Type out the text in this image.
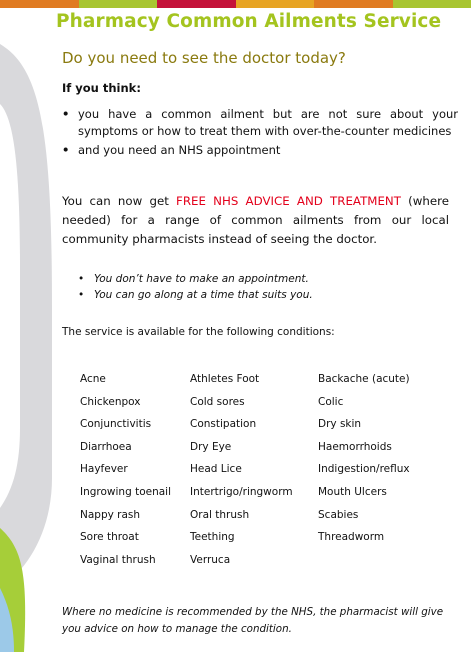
Pharmacy Common Ailments Service
Do you need to see the doctor today?
If you think:
• you have a common ailment but are not sure about your symptoms or how to treat them with over-the-counter medicines
• and you need an NHS appointment
You can now get FREE NHS ADVICE AND TREATMENT (where needed) for a range of common ailments from our local community pharmacists instead of seeing the doctor.
• You don’t have to make an appointment.
• You can go along at a time that suits you.
The service is available for the following conditions:
Acne
Chickenpox
Conjunctivitis
Diarrhoea
Hayfever
Ingrowing toenail
Nappy rash
Sore throat
Vaginal thrush
Athletes Foot
Cold sores
Constipation
Dry Eye
Head Lice
Intertrigo/ringworm
Oral thrush
Teething
Verruca
Backache (acute)
Colic
Dry skin
Haemorrhoids
Indigestion/reflux
Mouth Ulcers
Scabies
Threadworm
Where no medicine is recommended by the NHS, the pharmacist will give you advice on how to manage the condition.
